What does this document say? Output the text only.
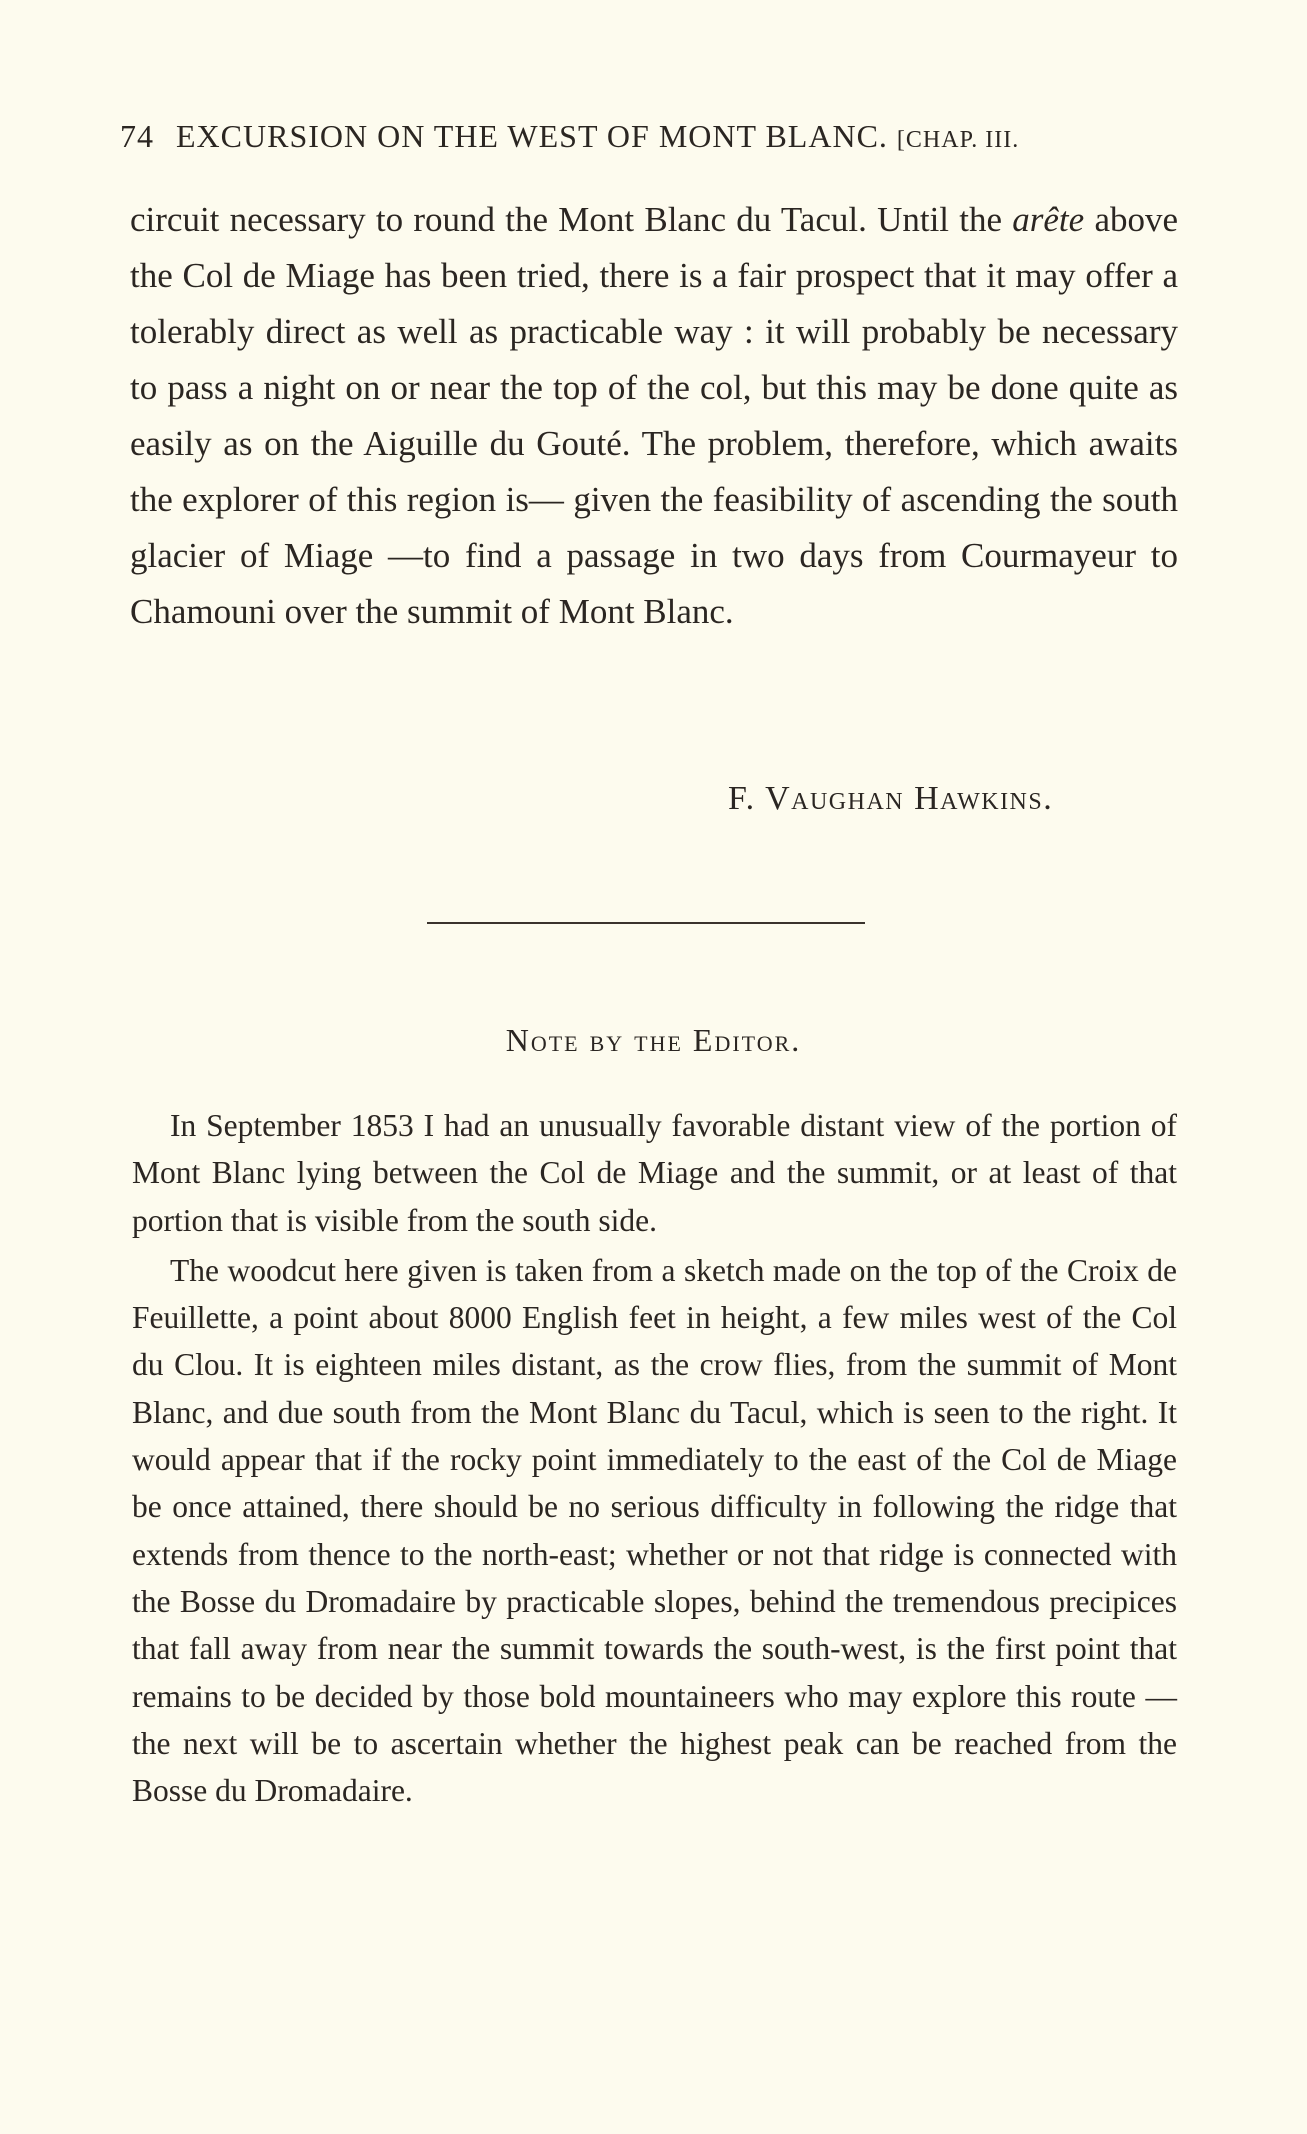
74 EXCURSION ON THE WEST OF MONT BLANC. [CHAP. III.

circuit necessary to round the Mont Blanc du Tacul. Until the arête above the Col de Miage has been tried, there is a fair prospect that it may offer a tolerably direct as well as practicable way : it will probably be necessary to pass a night on or near the top of the col, but this may be done quite as easily as on the Aiguille du Gouté. The problem, therefore, which awaits the explorer of this region is— given the feasibility of ascending the south glacier of Miage —to find a passage in two days from Courmayeur to Chamouni over the summit of Mont Blanc.

F. Vaughan Hawkins.
Note by the Editor.

In September 1853 I had an unusually favorable distant view of the portion of Mont Blanc lying between the Col de Miage and the summit, or at least of that portion that is visible from the south side.

The woodcut here given is taken from a sketch made on the top of the Croix de Feuillette, a point about 8000 English feet in height, a few miles west of the Col du Clou. It is eighteen miles distant, as the crow flies, from the summit of Mont Blanc, and due south from the Mont Blanc du Tacul, which is seen to the right. It would appear that if the rocky point immediately to the east of the Col de Miage be once attained, there should be no serious difficulty in following the ridge that extends from thence to the north-east; whether or not that ridge is connected with the Bosse du Dromadaire by practicable slopes, behind the tremendous precipices that fall away from near the summit towards the south-west, is the first point that remains to be decided by those bold mountaineers who may explore this route —the next will be to ascertain whether the highest peak can be reached from the Bosse du Dromadaire.
